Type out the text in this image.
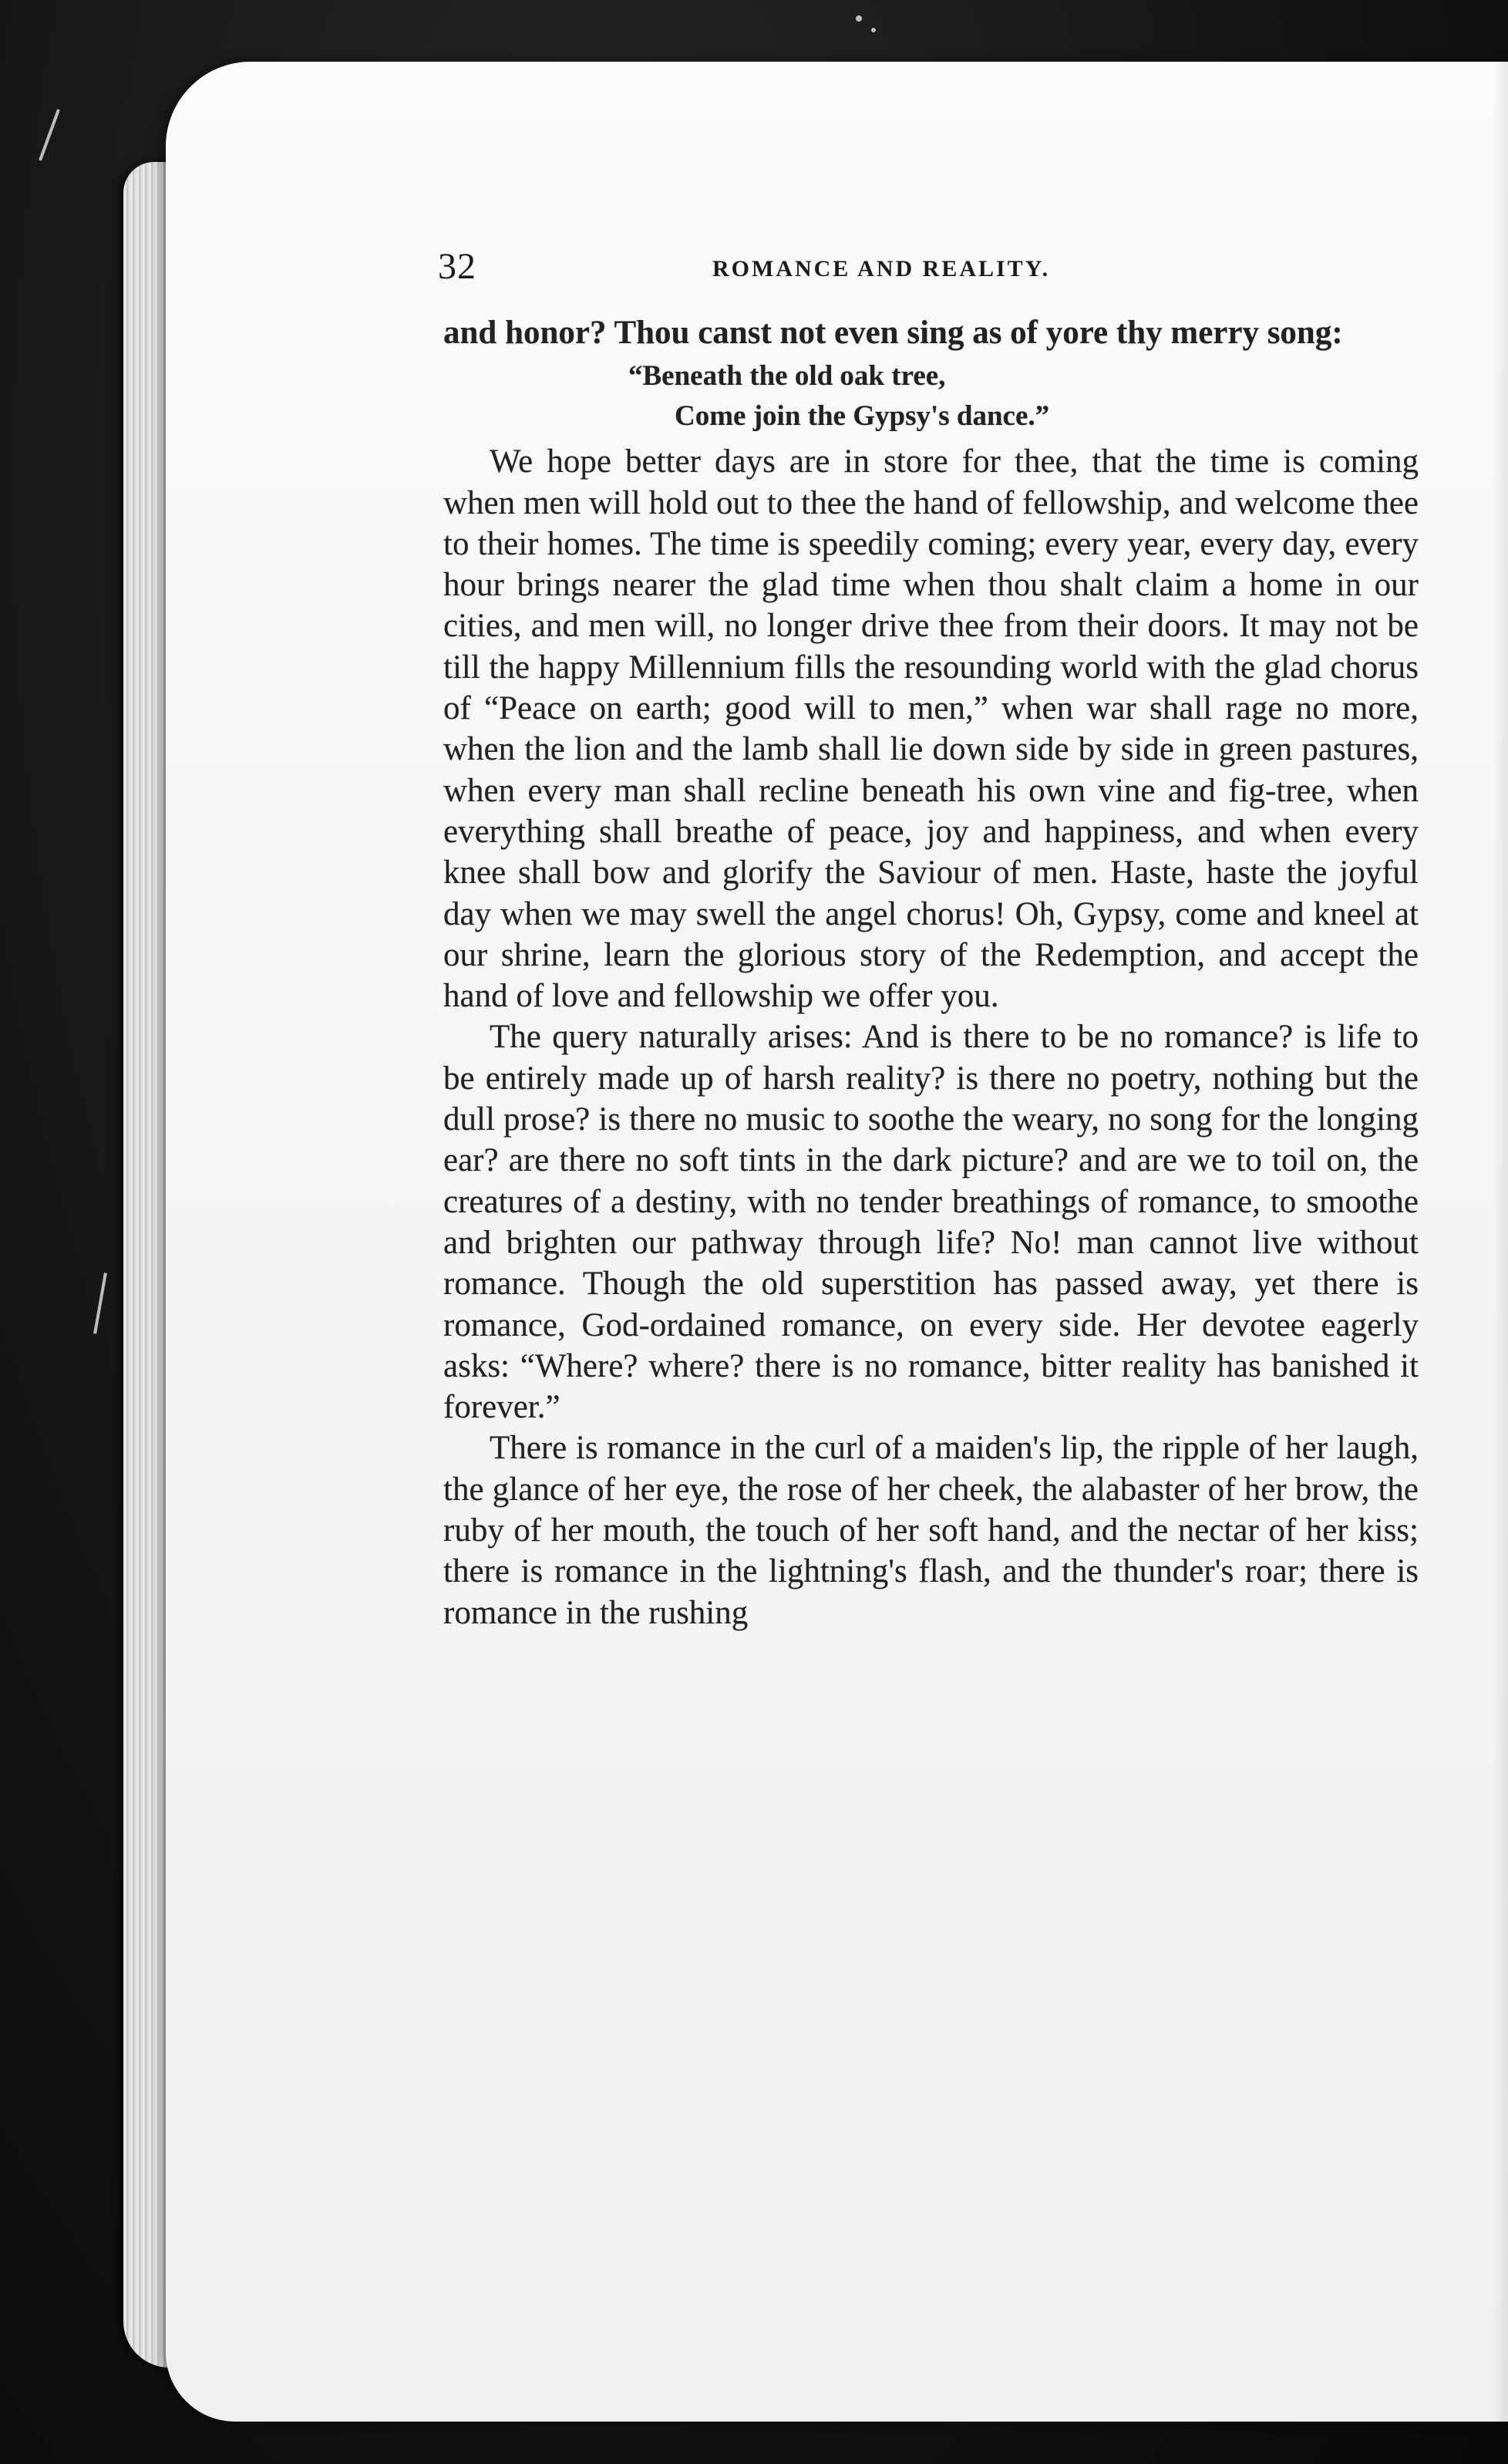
32	ROMANCE AND REALITY.

and honor? Thou canst not even sing as of yore thy merry song:

“Beneath the old oak tree,
Come join the Gypsy's dance.”

We hope better days are in store for thee, that the time is coming when men will hold out to thee the hand of fellowship, and welcome thee to their homes. The time is speedily coming; every year, every day, every hour brings nearer the glad time when thou shalt claim a home in our cities, and men will, no longer drive thee from their doors. It may not be till the happy Millennium fills the resounding world with the glad chorus of “Peace on earth; good will to men,” when war shall rage no more, when the lion and the lamb shall lie down side by side in green pastures, when every man shall recline beneath his own vine and fig-tree, when everything shall breathe of peace, joy and happiness, and when every knee shall bow and glorify the Saviour of men. Haste, haste the joyful day when we may swell the angel chorus! Oh, Gypsy, come and kneel at our shrine, learn the glorious story of the Redemption, and accept the hand of love and fellowship we offer you.

The query naturally arises: And is there to be no romance? is life to be entirely made up of harsh reality? is there no poetry, nothing but the dull prose? is there no music to soothe the weary, no song for the longing ear? are there no soft tints in the dark picture? and are we to toil on, the creatures of a destiny, with no tender breathings of romance, to smoothe and brighten our pathway through life? No! man cannot live without romance. Though the old superstition has passed away, yet there is romance, God-ordained romance, on every side. Her devotee eagerly asks: “Where? where? there is no romance, bitter reality has banished it forever.”

There is romance in the curl of a maiden's lip, the ripple of her laugh, the glance of her eye, the rose of her cheek, the alabaster of her brow, the ruby of her mouth, the touch of her soft hand, and the nectar of her kiss; there is romance in the lightning's flash, and the thunder's roar; there is romance in the rushing
